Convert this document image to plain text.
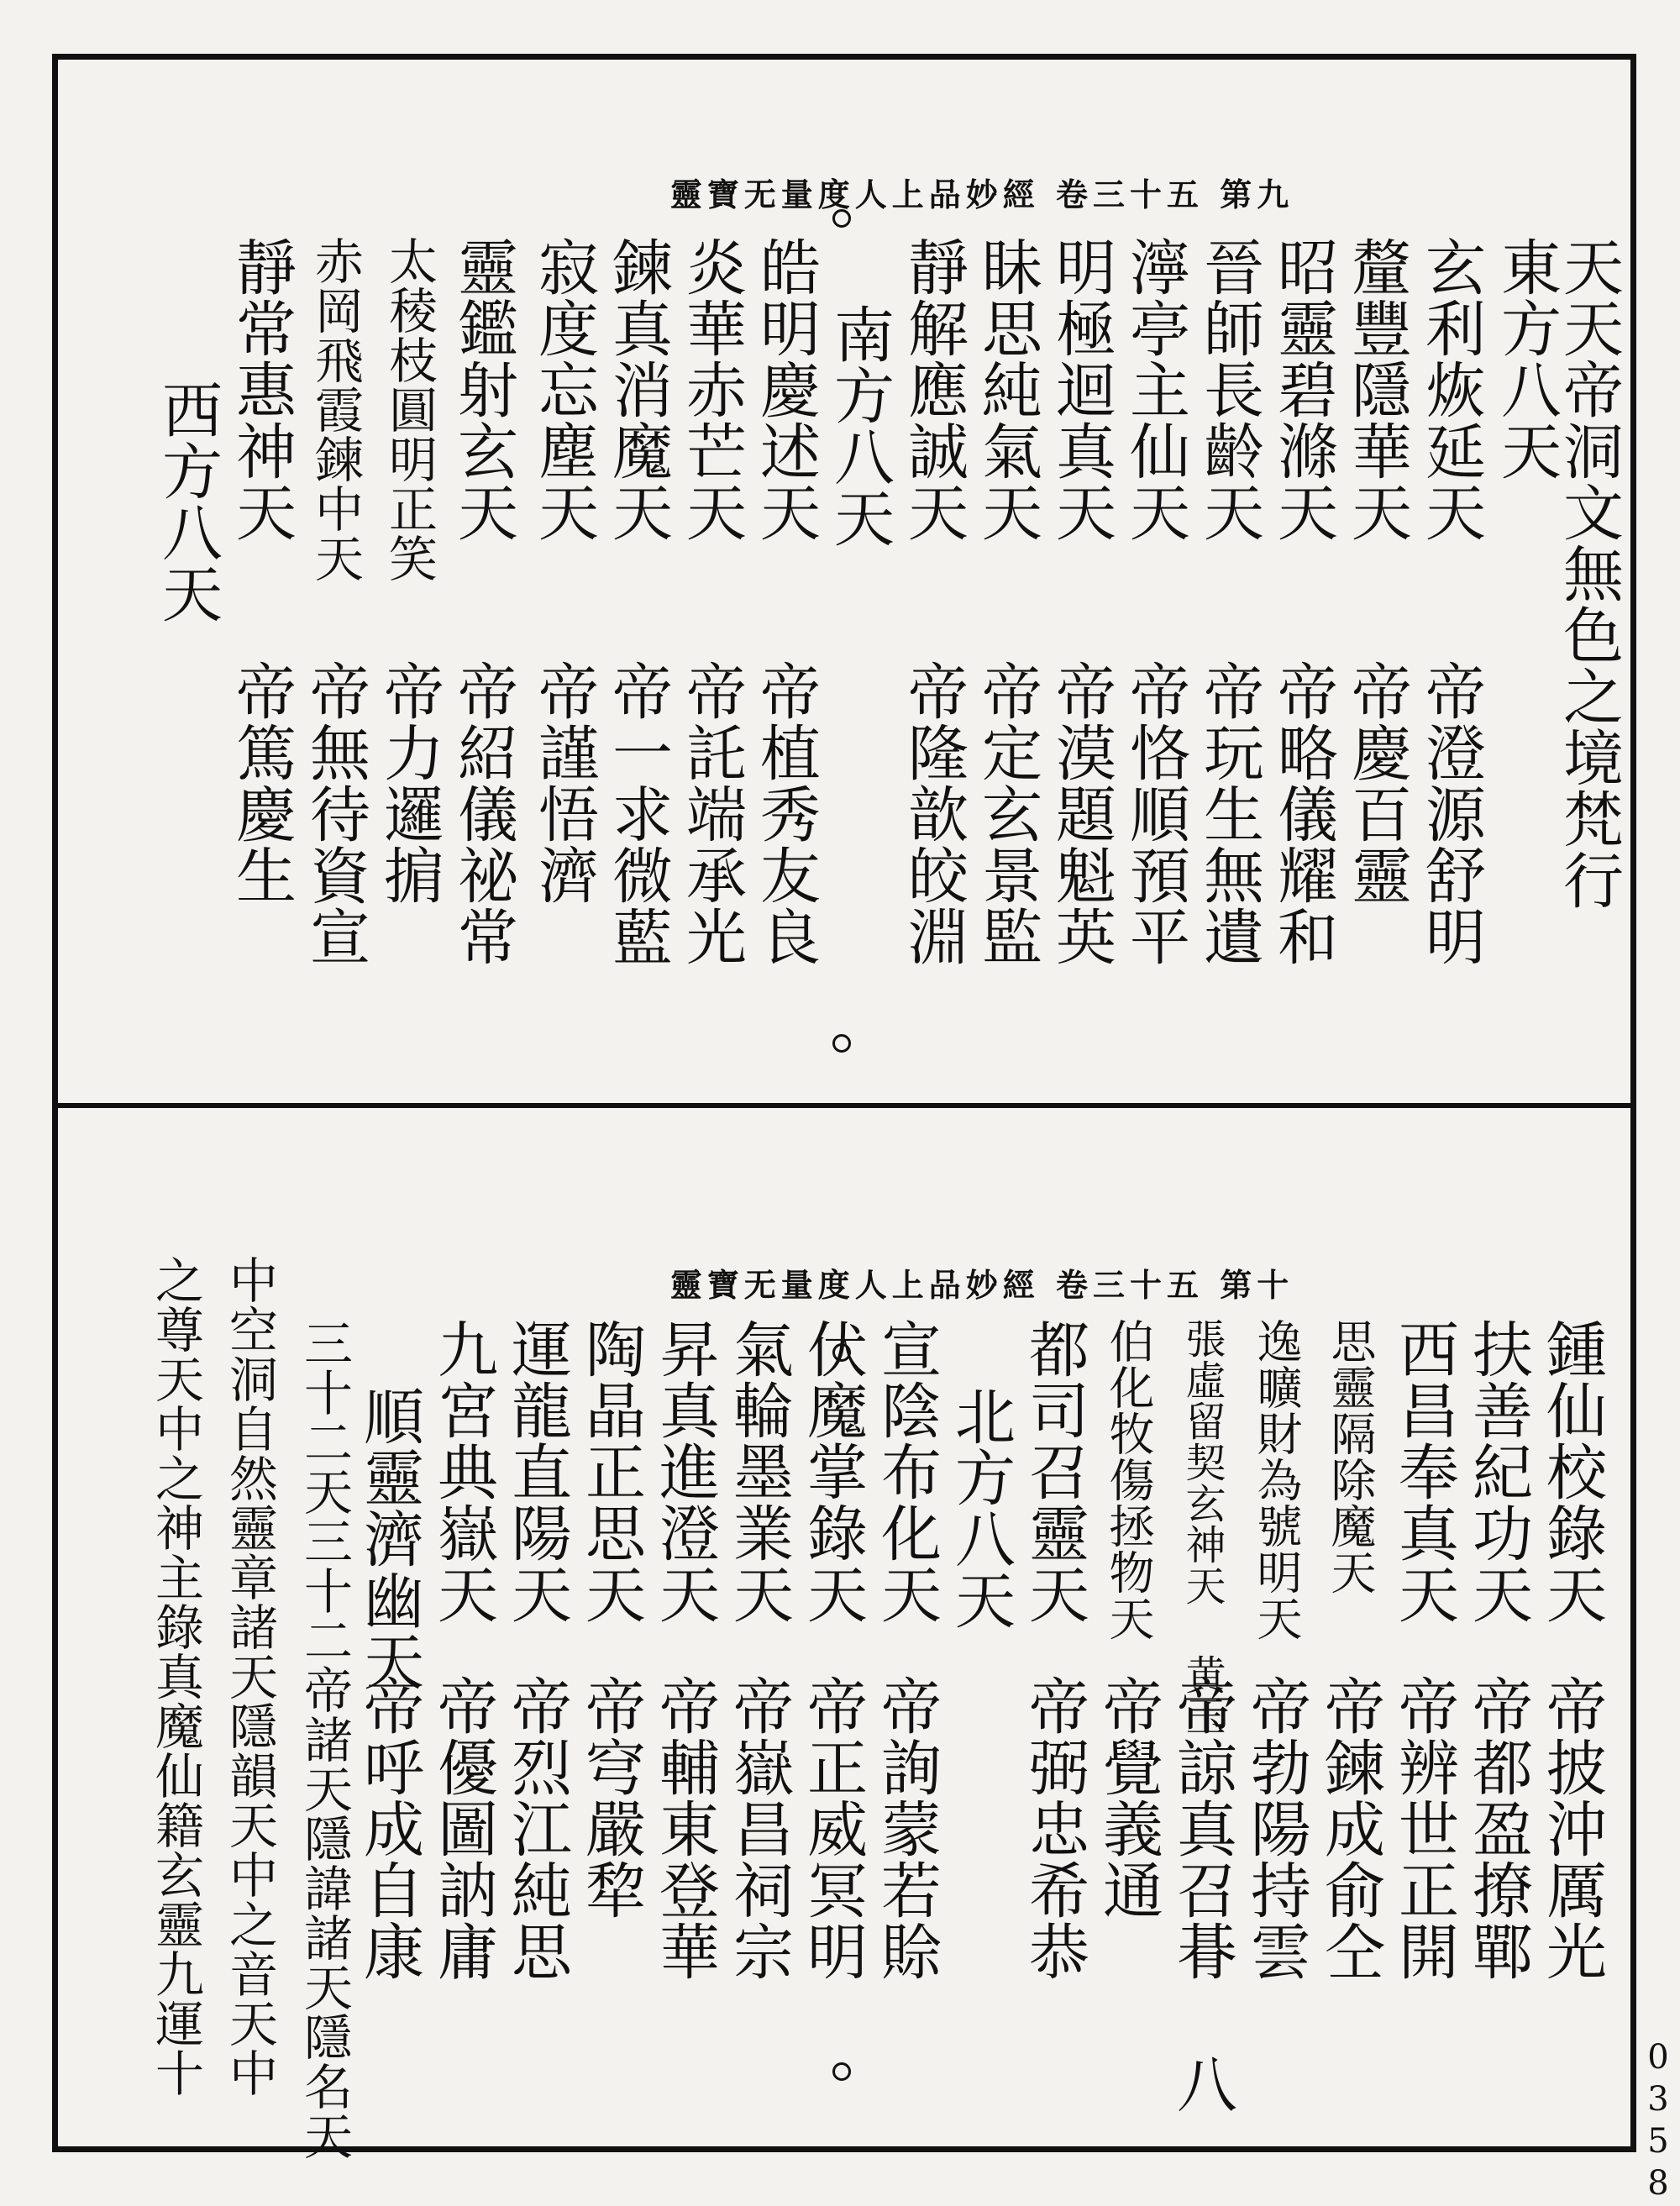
靈寶无量度人上品妙經 卷三十五 第九
天天帝洞文無色之境梵行
東方八天
玄利烣延天
帝澄源舒明
釐豐隱華天
帝慶百靈
昭靈碧滌天
帝略儀耀和
晉師長齡天
帝玩生無遺
濘亭主仙天
帝恪順預平
明極迴真天
帝漠題魁英
眛思純氣天
帝定玄景監
靜解應誠天
帝隆歆皎淵
南方八天
皓明慶述天
帝植秀友良
炎華赤芒天
帝託端承光
鍊真消魔天
帝一求微藍
寂度忘塵天
帝謹悟濟
靈鑑射玄天
帝紹儀祕常
太稜枝圓明正笑
帝力邏掮
赤岡飛霞鍊中天
帝無待資宣
靜常惠神天
帝篤慶生
西方八天
靈寶无量度人上品妙經 卷三十五 第十
鍾仙校錄天
帝披沖厲光
扶善紀功天
帝都盈撩鄲
西昌奉真天
帝辨世正開
思靈隔除魔天
帝鍊成俞仝
逸曠財為號明天
帝勃陽持雲
張虛留契玄神天 黄玉
帝諒真召朞 八
伯化牧傷拯物天
帝覺義通
都司召靈天
帝弼忠希恭
北方八天
宣陰布化天
帝詢蒙若賒
伏魔掌錄天
帝正威冥明
氣輪墨業天
帝嶽昌祠宗
昇真進澄天
帝輔東登華
陶晶正思天
帝穹嚴犂
運龍直陽天
帝烈江純思
九宮典嶽天
帝優圖訥庸
順靈濟幽天
帝呼成自康
三十二天三十二帝諸天隱諱諸天隱名天
中空洞自然靈章諸天隱韻天中之音天中
之尊天中之神主錄真魔仙籍玄靈九運十
0358
